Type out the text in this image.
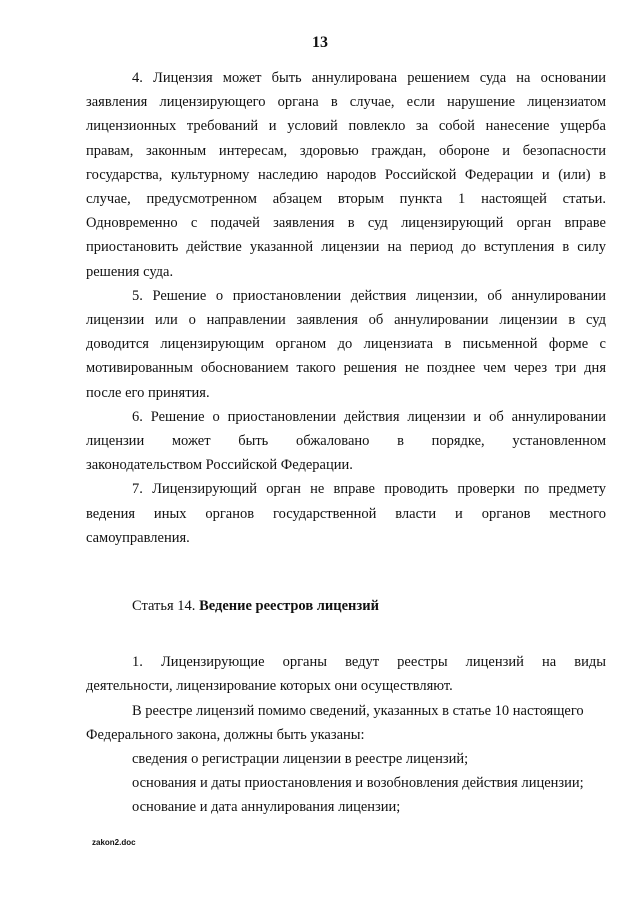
13

4. Лицензия может быть аннулирована решением суда на основании
заявления лицензирующего органа в случае, если нарушение лицензиатом
лицензионных требований и условий повлекло за собой нанесение ущерба
правам, законным интересам, здоровью граждан, обороне и безопасности
государства, культурному наследию народов Российской Федерации и (или) в
случае, предусмотренном абзацем вторым пункта 1 настоящей статьи.
Одновременно с подачей заявления в суд лицензирующий орган вправе
приостановить действие указанной лицензии на период до вступления в силу
решения суда.

5. Решение о приостановлении действия лицензии, об аннулировании
лицензии или о направлении заявления об аннулировании лицензии в суд
доводится лицензирующим органом до лицензиата в письменной форме с
мотивированным обоснованием такого решения не позднее чем через три дня
после его принятия.

6. Решение о приостановлении действия лицензии и об аннулировании
лицензии может быть обжаловано в порядке, установленном
законодательством Российской Федерации.

7. Лицензирующий орган не вправе проводить проверки по предмету
ведения иных органов государственной власти и органов местного
самоуправления.

Статья 14. Ведение реестров лицензий

1. Лицензирующие органы ведут реестры лицензий на виды
деятельности, лицензирование которых они осуществляют.

В реестре лицензий помимо сведений, указанных в статье 10 настоящего
Федерального закона, должны быть указаны:

сведения о регистрации лицензии в реестре лицензий;

основания и даты приостановления и возобновления действия лицензии;

основание и дата аннулирования лицензии;

zakon2.doc
